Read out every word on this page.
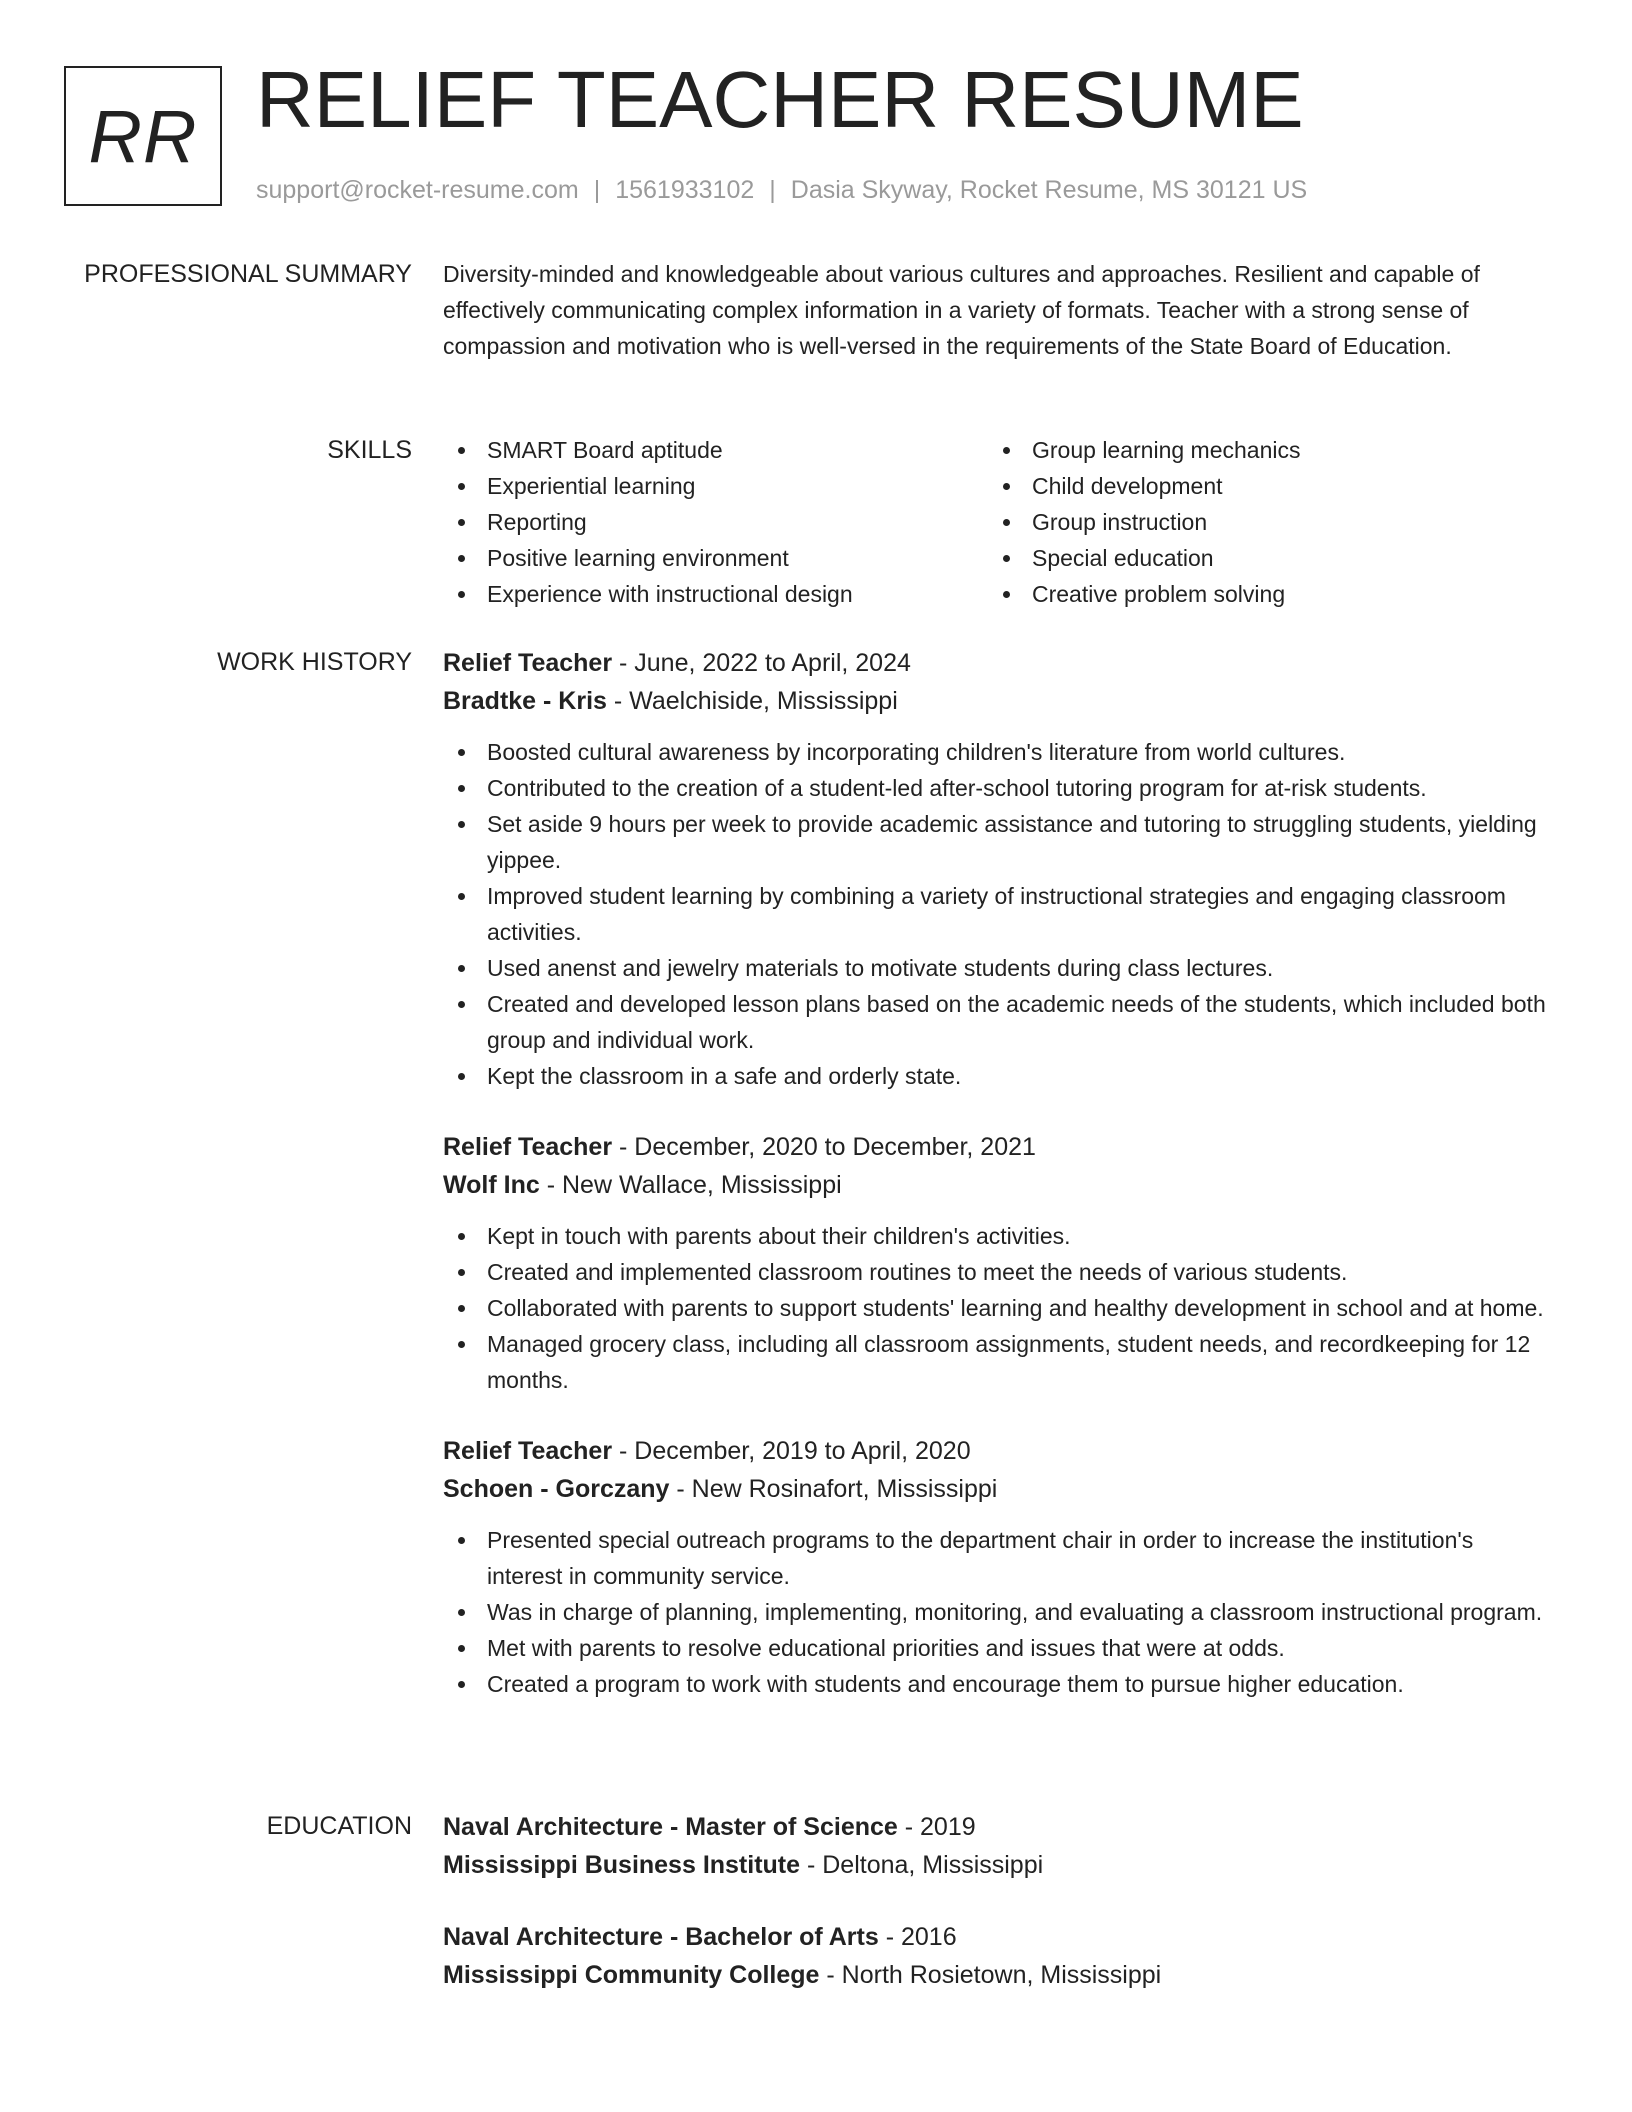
RR RELIEF TEACHER RESUME
support@rocket-resume.com | 1561933102 | Dasia Skyway, Rocket Resume, MS 30121 US
PROFESSIONAL SUMMARY Diversity-minded and knowledgeable about various cultures and approaches. Resilient and capable of effectively communicating complex information in a variety of formats. Teacher with a strong sense of compassion and motivation who is well-versed in the requirements of the State Board of Education.

SKILLS	SMART Board aptitude
Experiential learning
Reporting
Positive learning environment
Experience with instructional design
Group learning mechanics
Child development
Group instruction
Special education
Creative problem solving
WORK HISTORY Relief Teacher - June, 2022 to April, 2024
Bradtke - Kris - Waelchiside, Mississippi
Boosted cultural awareness by incorporating children's literature from world cultures.
Contributed to the creation of a student-led after-school tutoring program for at-risk students.
Set aside 9 hours per week to provide academic assistance and tutoring to struggling students, yielding yippee.
Improved student learning by combining a variety of instructional strategies and engaging classroom activities.
Used anenst and jewelry materials to motivate students during class lectures.
Created and developed lesson plans based on the academic needs of the students, which included both group and individual work.
Kept the classroom in a safe and orderly state.
Relief Teacher - December, 2020 to December, 2021
Wolf Inc - New Wallace, Mississippi
Kept in touch with parents about their children's activities.
Created and implemented classroom routines to meet the needs of various students.
Collaborated with parents to support students' learning and healthy development in school and at home.
Managed grocery class, including all classroom assignments, student needs, and recordkeeping for 12 months.
Relief Teacher - December, 2019 to April, 2020
Schoen - Gorczany - New Rosinafort, Mississippi
Presented special outreach programs to the department chair in order to increase the institution's interest in community service.
Was in charge of planning, implementing, monitoring, and evaluating a classroom instructional program.
Met with parents to resolve educational priorities and issues that were at odds.
Created a program to work with students and encourage them to pursue higher education.
EDUCATION Naval Architecture - Master of Science - 2019
Mississippi Business Institute - Deltona, Mississippi
Naval Architecture - Bachelor of Arts - 2016
Mississippi Community College - North Rosietown, Mississippi
